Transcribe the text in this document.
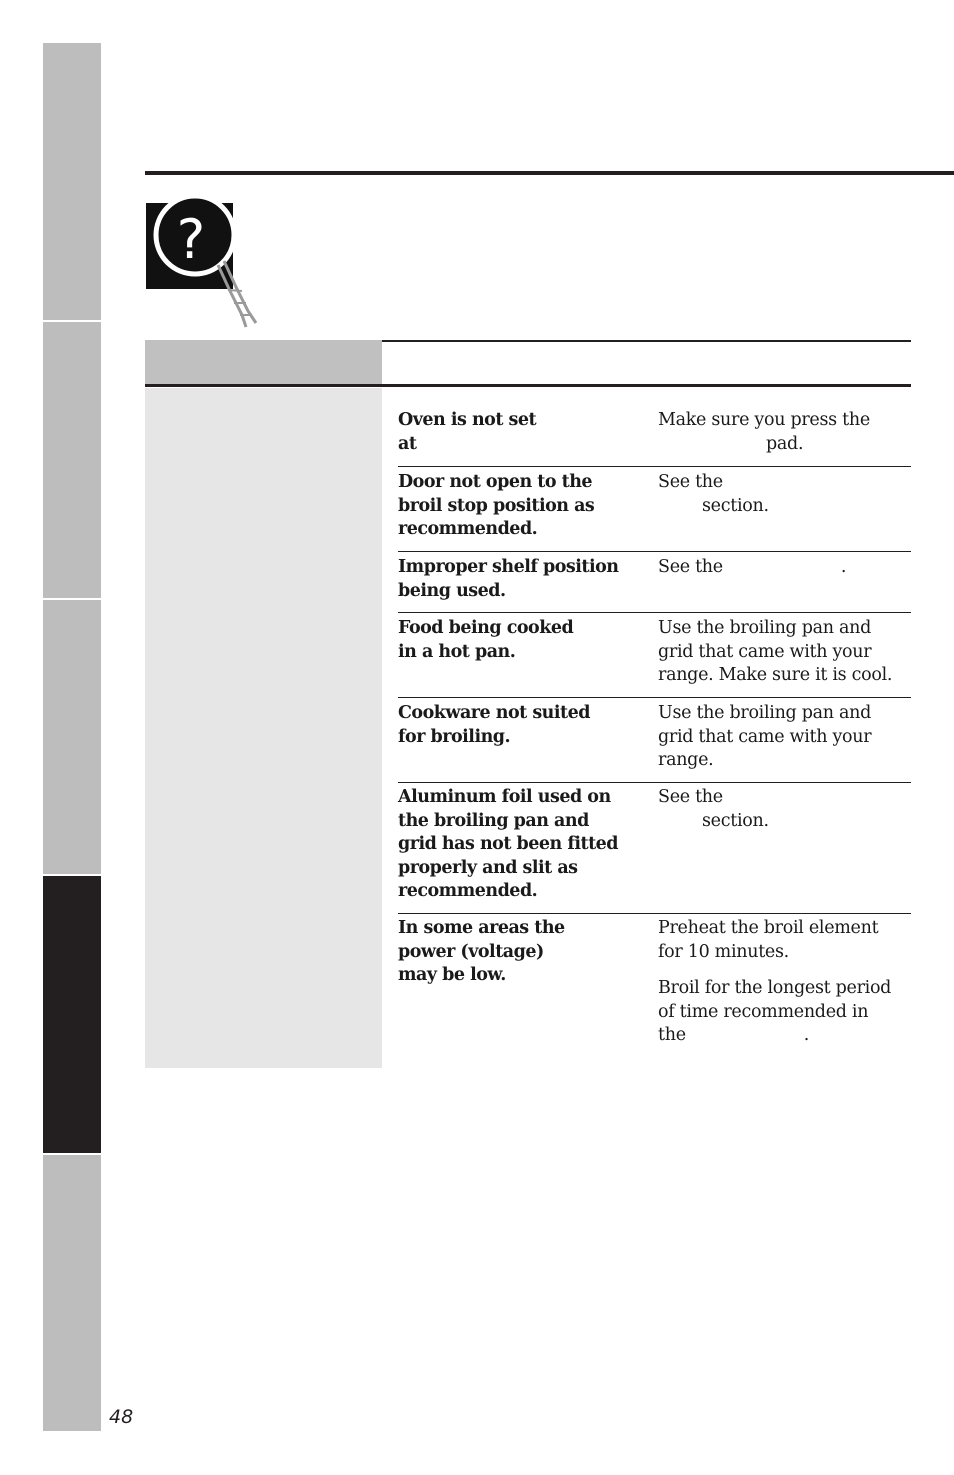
?
Oven is not set
at
Make sure you press the
pad.
Door not open to the
broil stop position as
recommended.
See the
section.
Improper shelf position
being used.
See the	.
Food being cooked
in a hot pan.
Use the broiling pan and
grid that came with your
range. Make sure it is cool.
Cookware not suited
for broiling.
Use the broiling pan and
grid that came with your
range.
Aluminum foil used on
the broiling pan and
grid has not been fitted
properly and slit as
recommended.
See the
section.
In some areas the
power (voltage)
may be low.
Preheat the broil element
for 10 minutes.
Broil for the longest period
of time recommended in
the	.
48
